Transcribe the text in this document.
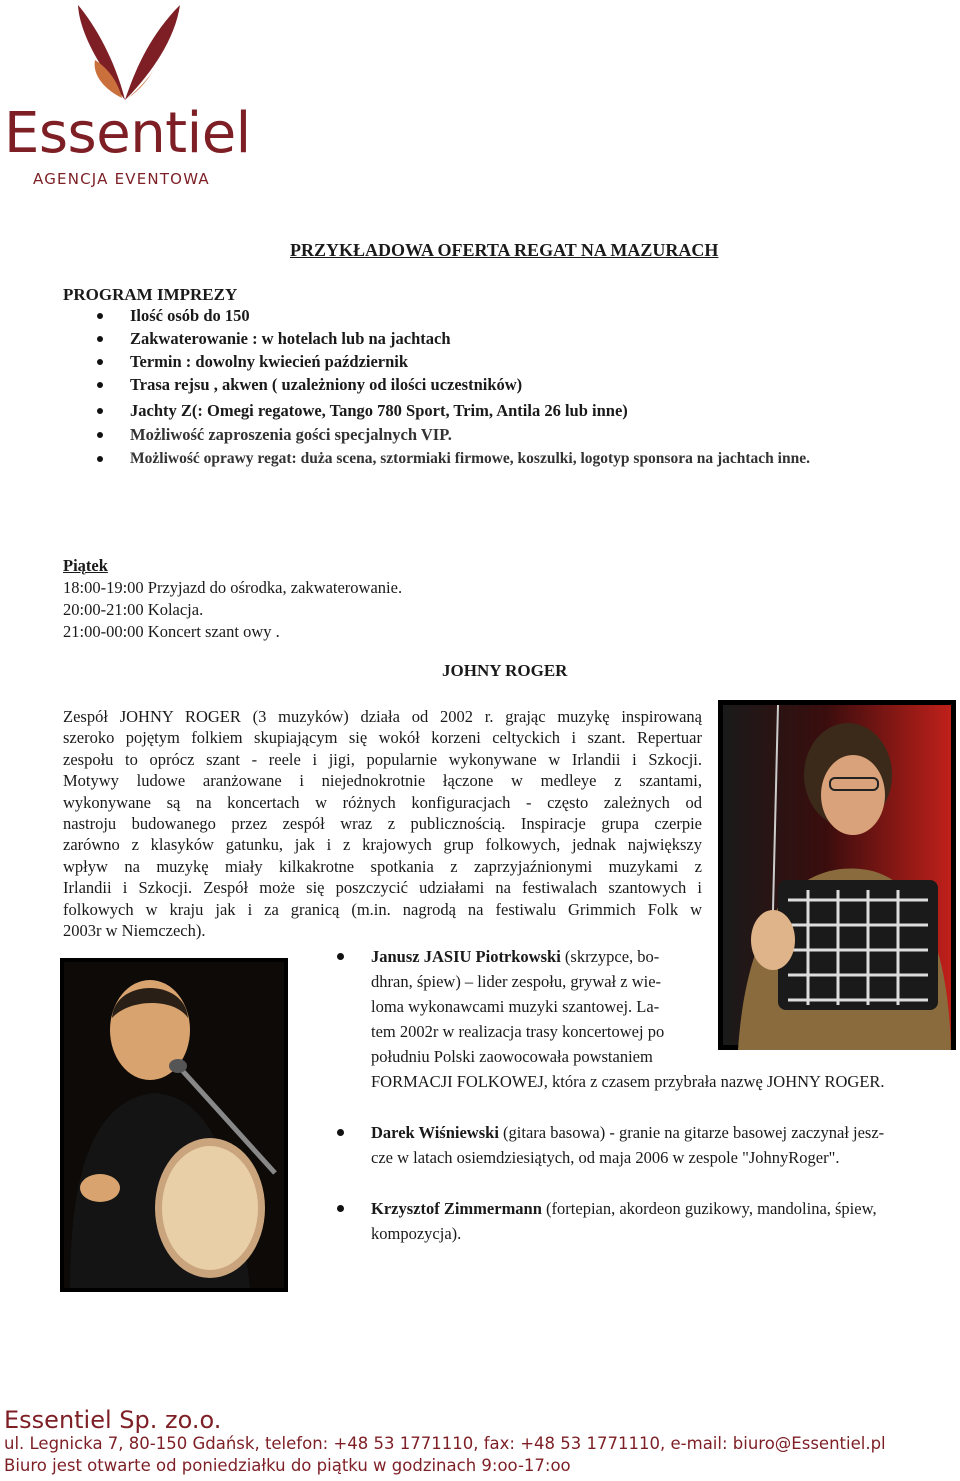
Essentiel
AGENCJA EVENTOWA
PRZYKŁADOWA OFERTA REGAT NA MAZURACH
PROGRAM IMPREZY
Ilość osób do 150
Zakwaterowanie : w hotelach lub na jachtach
Termin : dowolny kwiecień październik
Trasa rejsu , akwen ( uzależniony od ilości uczestników)
Jachty Z(: Omegi regatowe, Tango 780 Sport, Trim, Antila 26 lub inne)
Możliwość zaproszenia gości specjalnych VIP.
Możliwość oprawy regat: duża scena, sztormiaki firmowe, koszulki, logotyp sponsora na jachtach inne.
Piątek
18:00-19:00 Przyjazd do ośrodka, zakwaterowanie.
20:00-21:00 Kolacja.
21:00-00:00 Koncert szant owy .
JOHNY ROGER

Zespół JOHNY ROGER (3 muzyków) działa od 2002 r. grając muzykę inspirowaną
szeroko pojętym folkiem skupiającym się wokół korzeni celtyckich i szant. Repertuar
zespołu to oprócz szant - reele i jigi, popularnie wykonywane w Irlandii i Szkocji.
Motywy ludowe aranżowane i niejednokrotnie łączone w medleye z szantami,
wykonywane są na koncertach w różnych konfiguracjach - często zależnych od
nastroju budowanego przez zespół wraz z publicznością. Inspiracje grupa czerpie
zarówno z klasyków gatunku, jak i z krajowych grup folkowych, jednak największy
wpływ na muzykę miały kilkakrotne spotkania z zaprzyjaźnionymi muzykami z
Irlandii i Szkocji. Zespół może się poszczycić udziałami na festiwalach szantowych i
folkowych w kraju jak i za granicą (m.in. nagrodą na festiwalu Grimmich Folk w
2003r w Niemczech).

Janusz JASIU Piotrkowski (skrzypce, bo-
dhran, śpiew) – lider zespołu, grywał z wie-
loma wykonawcami muzyki szantowej. La-
tem 2002r w realizacja trasy koncertowej po
południu Polski zaowocowała powstaniem
FORMACJI FOLKOWEJ, która z czasem przybrała nazwę JOHNY ROGER.
Darek Wiśniewski (gitara basowa) - granie na gitarze basowej zaczynał jesz-
cze w latach osiemdziesiątych, od maja 2006 w zespole "JohnyRoger".
Krzysztof Zimmermann (fortepian, akordeon guzikowy, mandolina, śpiew,
kompozycja).
Essentiel Sp. zo.o.
ul. Legnicka 7, 80-150 Gdańsk, telefon: +48 53 1771110, fax: +48 53 1771110, e-mail: biuro@Essentiel.pl
Biuro jest otwarte od poniedziałku do piątku w godzinach 9:oo-17:oo
